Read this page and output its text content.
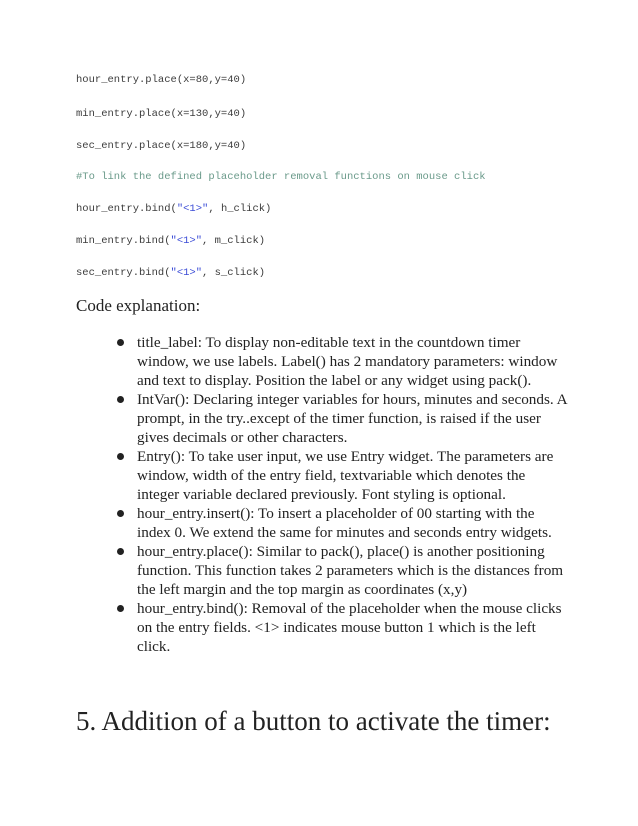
hour_entry.place(x=80,y=40)
min_entry.place(x=130,y=40)
sec_entry.place(x=180,y=40)
#To link the defined placeholder removal functions on mouse click
hour_entry.bind("<1>", h_click)
min_entry.bind("<1>", m_click)
sec_entry.bind("<1>", s_click)
Code explanation:
title_label: To display non-editable text in the countdown timer window, we use labels. Label() has 2 mandatory parameters: window and text to display. Position the label or any widget using pack().
IntVar(): Declaring integer variables for hours, minutes and seconds. A prompt, in the try..except of the timer function, is raised if the user gives decimals or other characters.
Entry(): To take user input, we use Entry widget. The parameters are window, width of the entry field, textvariable which denotes the integer variable declared previously. Font styling is optional.
hour_entry.insert(): To insert a placeholder of 00 starting with the index 0. We extend the same for minutes and seconds entry widgets.
hour_entry.place(): Similar to pack(), place() is another positioning function. This function takes 2 parameters which is the distances from the left margin and the top margin as coordinates (x,y)
hour_entry.bind(): Removal of the placeholder when the mouse clicks on the entry fields. <1> indicates mouse button 1 which is the left click.
5. Addition of a button to activate the timer:
